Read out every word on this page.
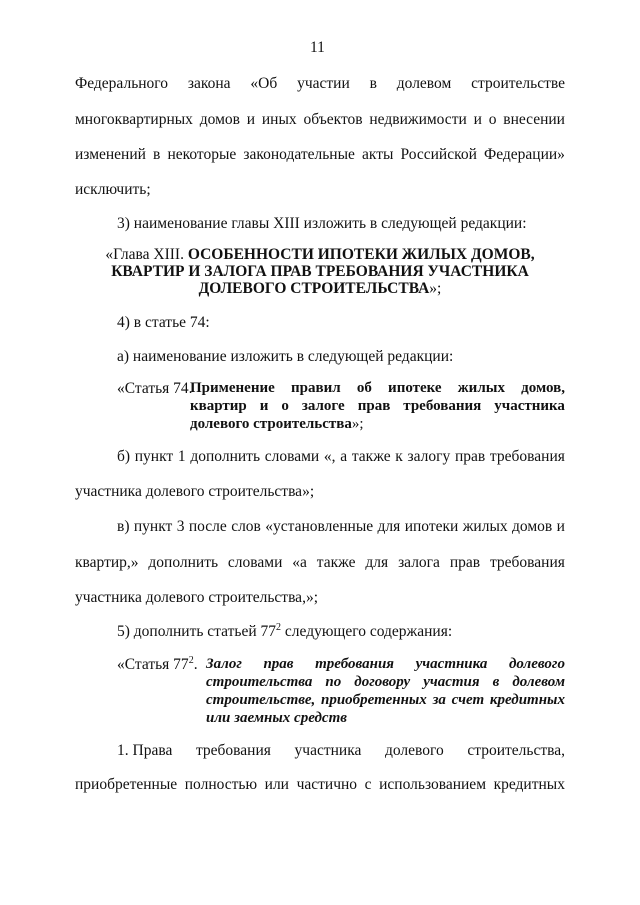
11
Федерального закона «Об участии в долевом строительстве
многоквартирных домов и иных объектов недвижимости и о внесении
изменений в некоторые законодательные акты Российской Федерации»
исключить;
3) наименование главы XIII изложить в следующей редакции:
«Глава XIII. ОСОБЕННОСТИ ИПОТЕКИ ЖИЛЫХ ДОМОВ,
КВАРТИР И ЗАЛОГА ПРАВ ТРЕБОВАНИЯ УЧАСТНИКА
ДОЛЕВОГО СТРОИТЕЛЬСТВА»;
4) в статье 74:
а) наименование изложить в следующей редакции:
«Статья 74.
Применение правил об ипотеке жилых домов,
квартир и о залоге прав требования участника
долевого строительства»;
б) пункт 1 дополнить словами «, а также к залогу прав требования
участника долевого строительства»;
в) пункт 3 после слов «установленные для ипотеки жилых домов и
квартир,» дополнить словами «а также для залога прав требования
участника долевого строительства,»;
5) дополнить статьей $77^2$ следующего содержания:
«Статья $77^2$. Залог прав требования участника долевого
строительства по договору участия в долевом
строительстве, приобретенных за счет кредитных
или заемных средств
1. Права требования участника долевого строительства,
приобретенные полностью или частично с использованием кредитных
